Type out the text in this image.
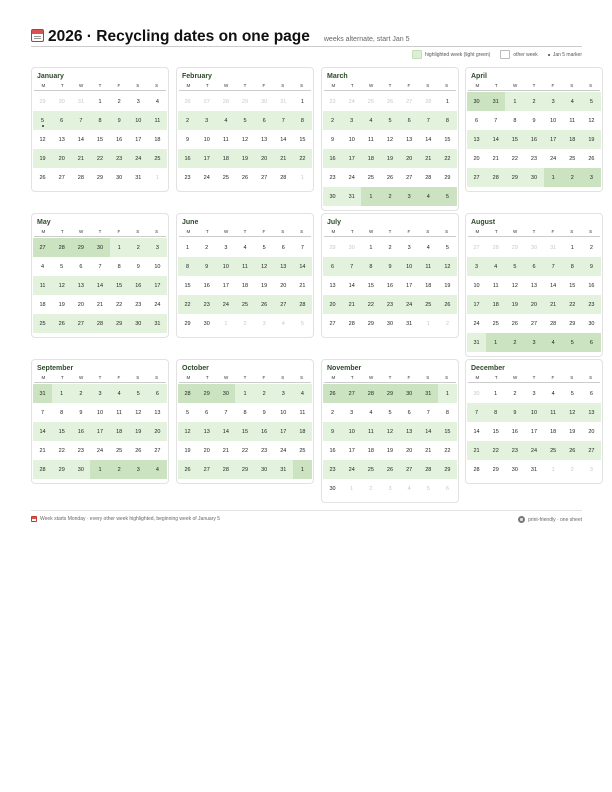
2026 · Recycling dates on one page weeks alternate, start Jan 5
highlighted week (light green)	other week	Jan 5 marker
January
M	T	W	T	F	S	S
29	30	31	1	2	3	4
5	6	7	8	9	10	11
12	13	14	15	16	17	18
19	20	21	22	23	24	25
26	27	28	29	30	31	1
February
M	T	W	T	F	S	S
26	27	28	29	30	31	1
2	3	4	5	6	7	8
9	10	11	12	13	14	15
16	17	18	19	20	21	22
23	24	25	26	27	28	1
March
M	T	W	T	F	S	S
23	24	25	26	27	28	1
2	3	4	5	6	7	8
9	10	11	12	13	14	15
16	17	18	19	20	21	22
23	24	25	26	27	28	29
30	31	1	2	3	4	5
April
M	T	W	T	F	S	S
30	31	1	2	3	4	5
6	7	8	9	10	11	12
13	14	15	16	17	18	19
20	21	22	23	24	25	26
27	28	29	30	1	2	3
May
M	T	W	T	F	S	S
27	28	29	30	1	2	3
4	5	6	7	8	9	10
11	12	13	14	15	16	17
18	19	20	21	22	23	24
25	26	27	28	29	30	31
June
M	T	W	T	F	S	S
1	2	3	4	5	6	7
8	9	10	11	12	13	14
15	16	17	18	19	20	21
22	23	24	25	26	27	28
29	30	1	2	3	4	5
July
M	T	W	T	F	S	S
29	30	1	2	3	4	5
6	7	8	9	10	11	12
13	14	15	16	17	18	19
20	21	22	23	24	25	26
27	28	29	30	31	1	2
August
M	T	W	T	F	S	S
27	28	29	30	31	1	2
3	4	5	6	7	8	9
10	11	12	13	14	15	16
17	18	19	20	21	22	23
24	25	26	27	28	29	30
31	1	2	3	4	5	6
September
M	T	W	T	F	S	S
31	1	2	3	4	5	6
7	8	9	10	11	12	13
14	15	16	17	18	19	20
21	22	23	24	25	26	27
28	29	30	1	2	3	4
October
M	T	W	T	F	S	S
28	29	30	1	2	3	4
5	6	7	8	9	10	11
12	13	14	15	16	17	18
19	20	21	22	23	24	25
26	27	28	29	30	31	1
November
M	T	W	T	F	S	S
26	27	28	29	30	31	1
2	3	4	5	6	7	8
9	10	11	12	13	14	15
16	17	18	19	20	21	22
23	24	25	26	27	28	29
30	1	2	3	4	5	6
December
M	T	W	T	F	S	S
30	1	2	3	4	5	6
7	8	9	10	11	12	13
14	15	16	17	18	19	20
21	22	23	24	25	26	27
28	29	30	31	1	2	3
Week starts Monday · every other week highlighted, beginning week of January 5	print-friendly · one sheet
